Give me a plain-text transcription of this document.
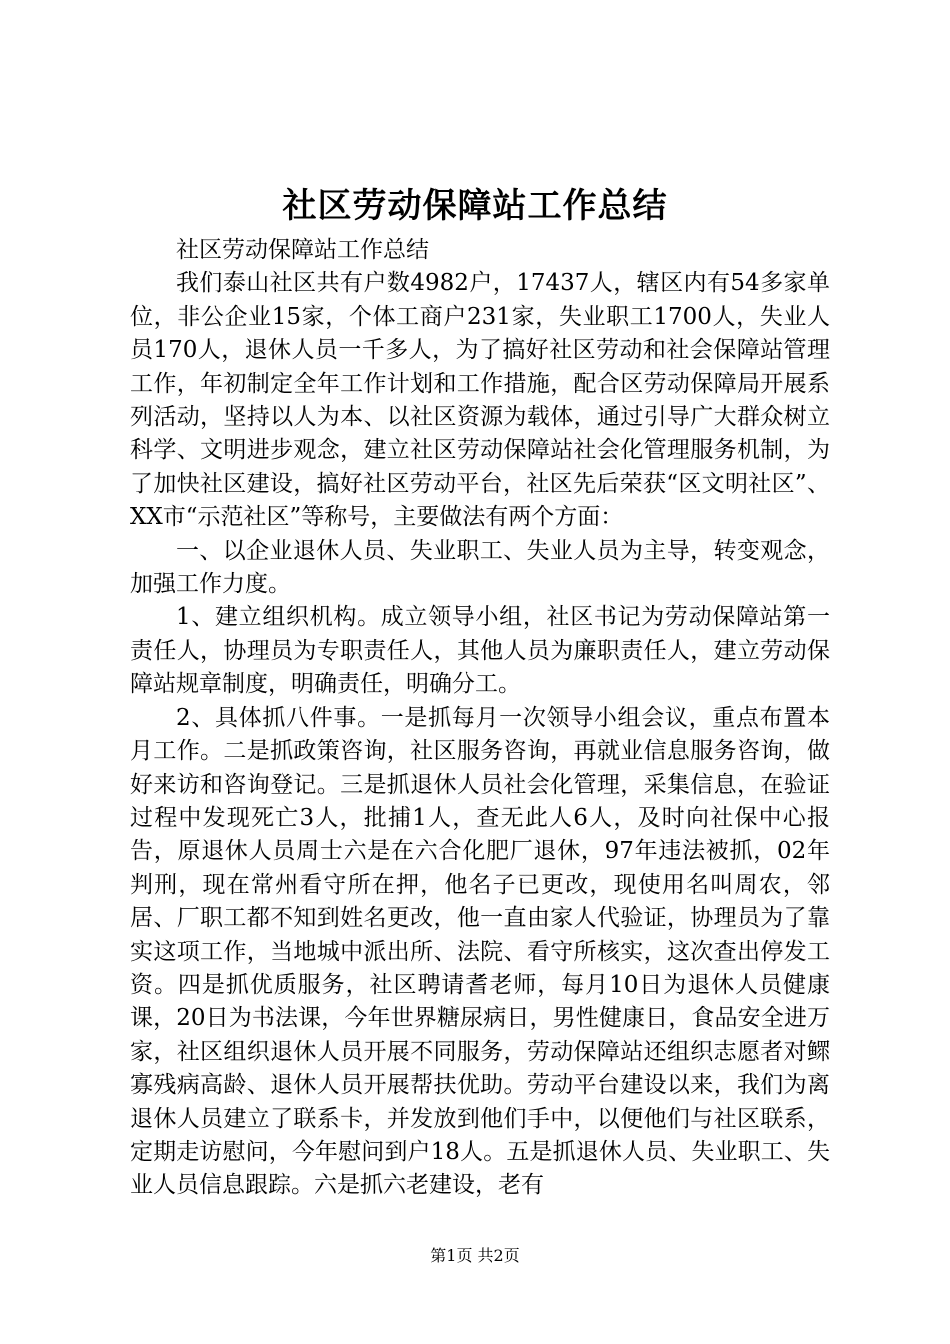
社区劳动保障站工作总结

社区劳动保障站工作总结

我们泰山社区共有户数4982户，17437人，辖区内有54多家单位，非公企业15家，个体工商户231家，失业职工1700人，失业人员170人，退休人员一千多人，为了搞好社区劳动和社会保障站管理工作，年初制定全年工作计划和工作措施，配合区劳动保障局开展系列活动，坚持以人为本、以社区资源为载体，通过引导广大群众树立科学、文明进步观念，建立社区劳动保障站社会化管理服务机制，为了加快社区建设，搞好社区劳动平台，社区先后荣获“区文明社区”、XX市“示范社区”等称号，主要做法有两个方面：

一、以企业退休人员、失业职工、失业人员为主导，转变观念，加强工作力度。

1、建立组织机构。成立领导小组，社区书记为劳动保障站第一责任人，协理员为专职责任人，其他人员为廉职责任人，建立劳动保障站规章制度，明确责任，明确分工。

2、具体抓八件事。一是抓每月一次领导小组会议，重点布置本月工作。二是抓政策咨询，社区服务咨询，再就业信息服务咨询，做好来访和咨询登记。三是抓退休人员社会化管理，采集信息，在验证过程中发现死亡3人，批捕1人，查无此人6人，及时向社保中心报告，原退休人员周士六是在六合化肥厂退休，97年违法被抓，02年判刑，现在常州看守所在押，他名子已更改，现使用名叫周农，邻居、厂职工都不知到姓名更改，他一直由家人代验证，协理员为了靠实这项工作，当地城中派出所、法院、看守所核实，这次查出停发工资。四是抓优质服务，社区聘请耆老师，每月10日为退休人员健康课，20日为书法课，今年世界糖尿病日，男性健康日，食品安全进万家，社区组织退休人员开展不同服务，劳动保障站还组织志愿者对鳏寡残病高龄、退休人员开展帮扶优助。劳动平台建设以来，我们为离退休人员建立了联系卡，并发放到他们手中，以便他们与社区联系，定期走访慰问，今年慰问到户18人。五是抓退休人员、失业职工、失业人员信息跟踪。六是抓六老建设，老有

第1页 共2页
